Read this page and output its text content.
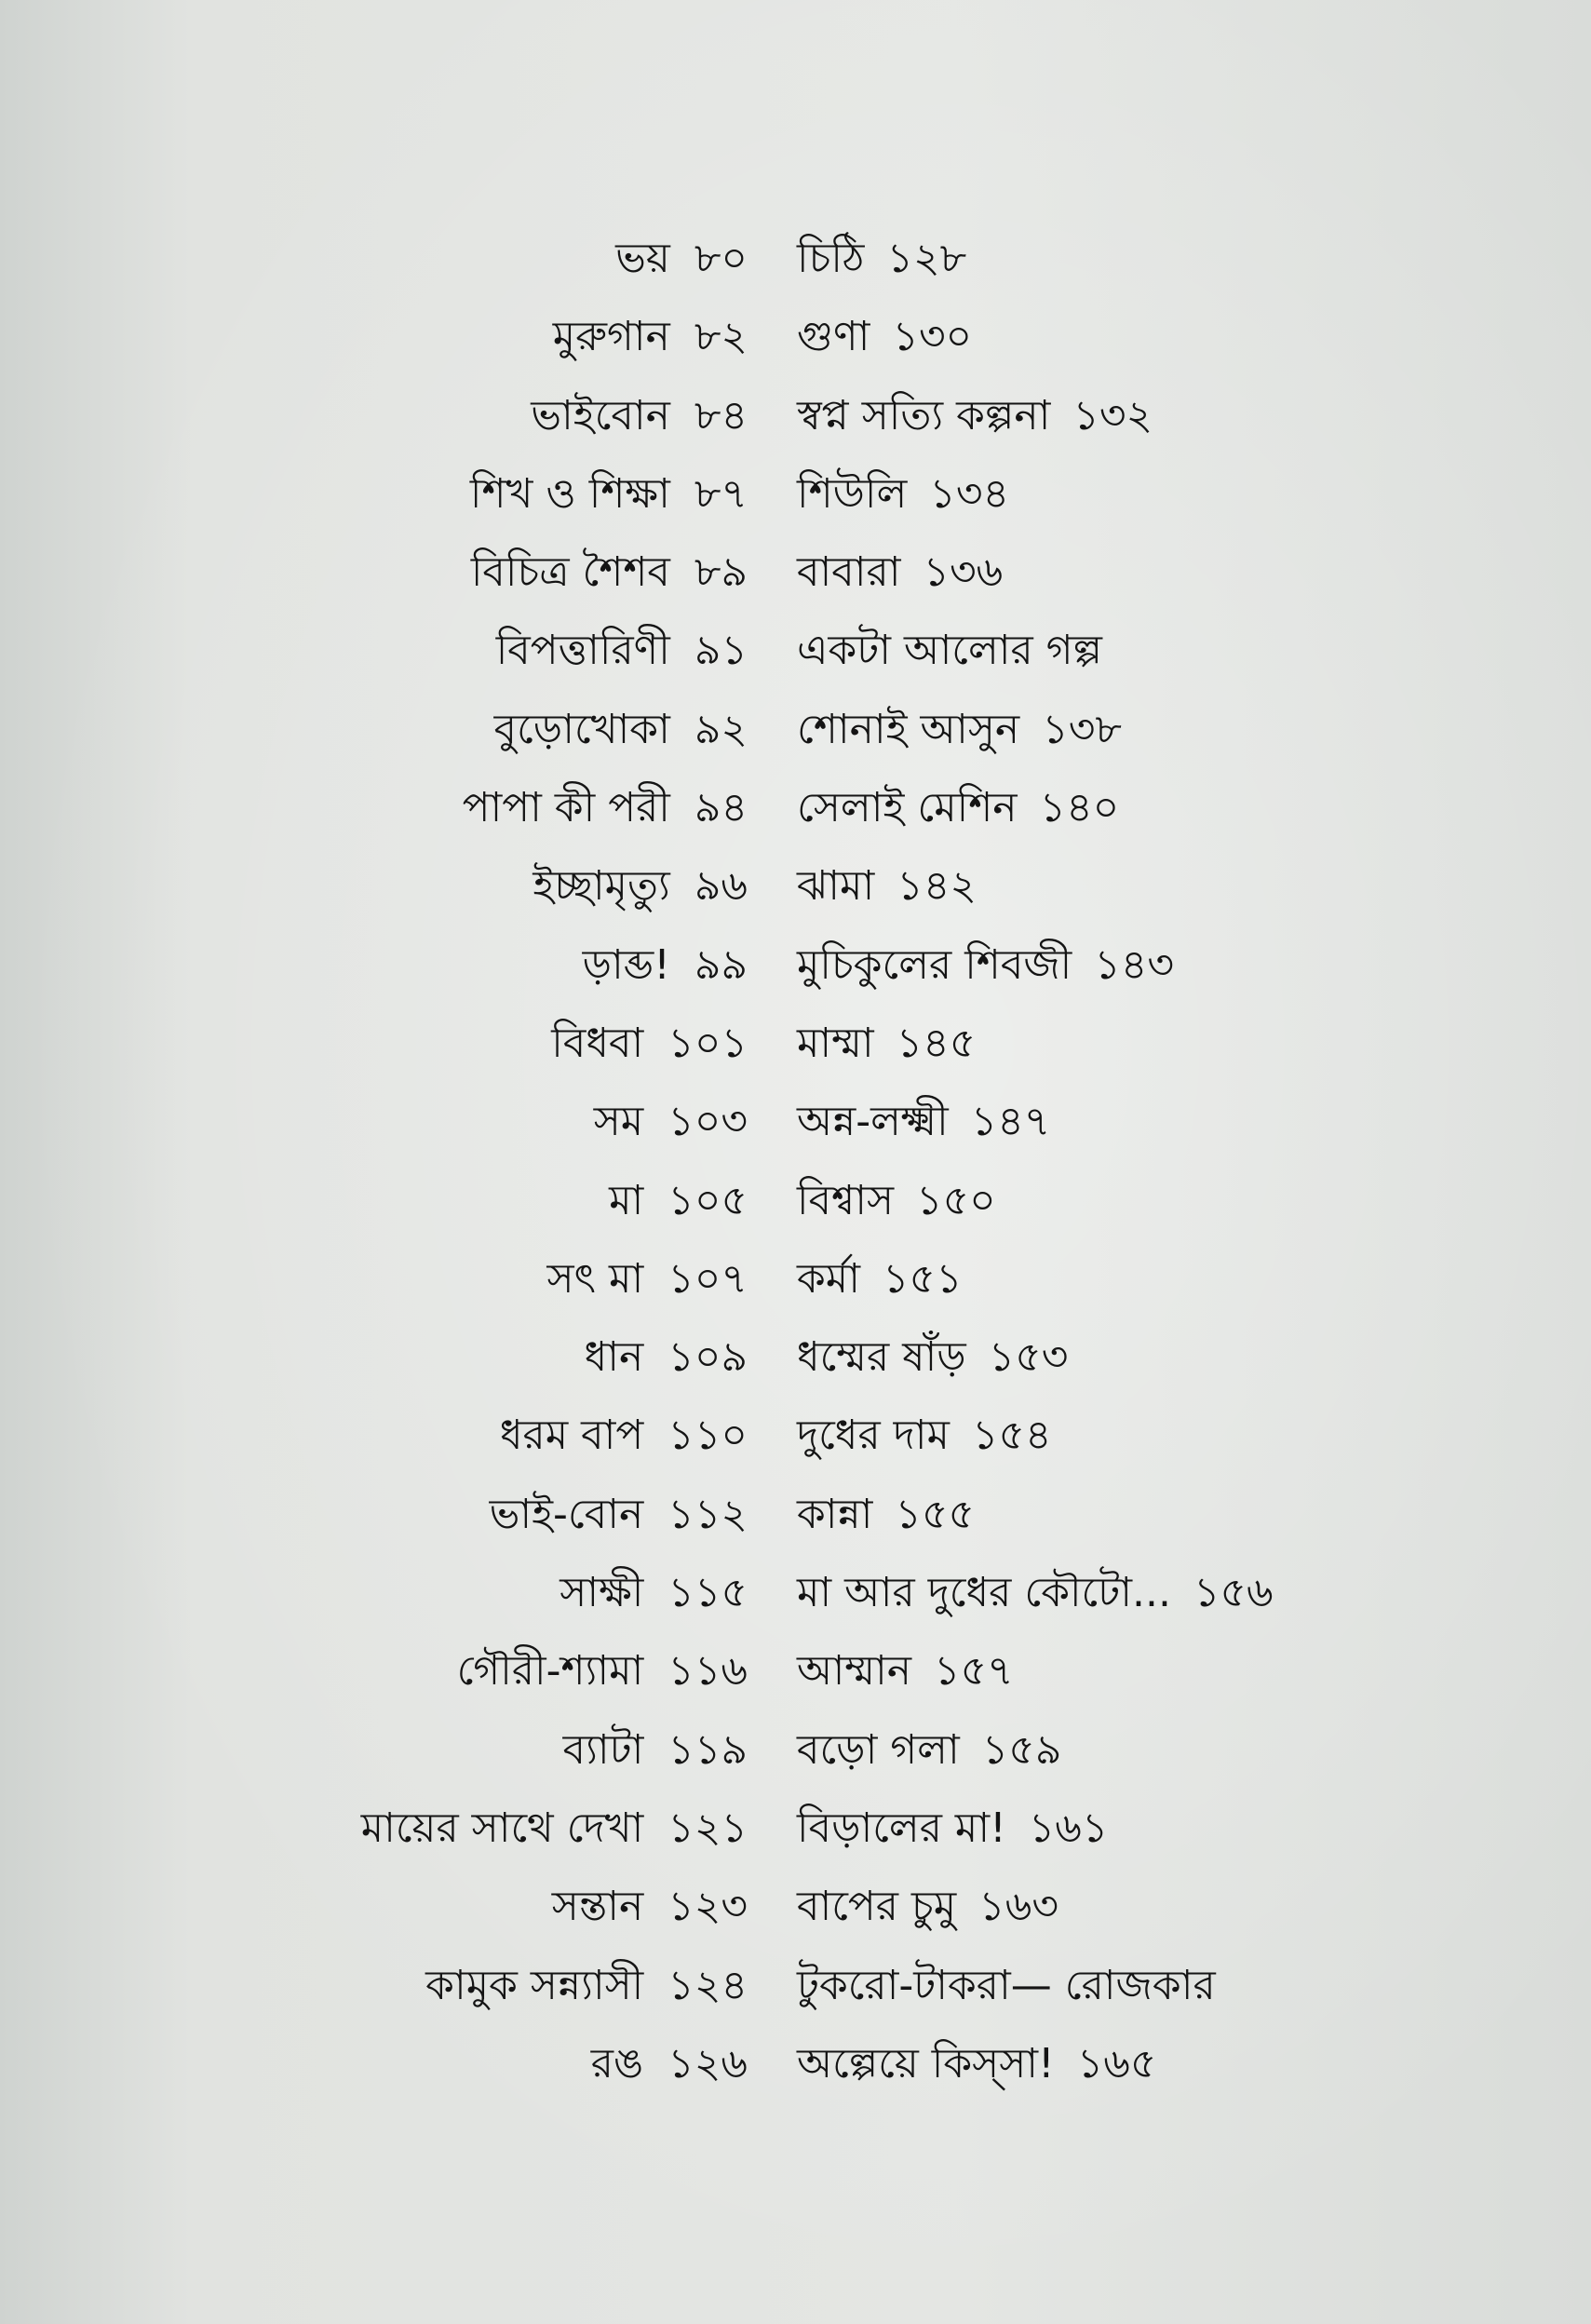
ভয় ৮০ চিঠি ১২৮
মুরুগান ৮২ গুণা ১৩০
ভাইবোন ৮৪ স্বপ্ন সত্যি কল্পনা ১৩২
শিখ ও শিক্ষা ৮৭ শিউলি ১৩৪
বিচিত্র শৈশব ৮৯ বাবারা ১৩৬
বিপত্তারিণী ৯১ একটা আলোর গল্প
বুড়োখোকা ৯২ শোনাই আসুন ১৩৮
পাপা কী পরী ৯৪ সেলাই মেশিন ১৪০
ইচ্ছামৃত্যু ৯৬ ঝামা ১৪২
ড়াব্ড! ৯৯ মুচিকুলের শিবজী ১৪৩
বিধবা ১০১ মাম্মা ১৪৫
সম ১০৩ অন্ন-লক্ষ্মী ১৪৭
মা ১০৫ বিশ্বাস ১৫০
সৎ মা ১০৭ কর্মা ১৫১
ধান ১০৯ ধম্মের ষাঁড় ১৫৩
ধরম বাপ ১১০ দুধের দাম ১৫৪
ভাই-বোন ১১২ কান্না ১৫৫
সাক্ষী ১১৫ মা আর দুধের কৌটো... ১৫৬
গৌরী-শ্যামা ১১৬ আম্মান ১৫৭
ব্যাটা ১১৯ বড়ো গলা ১৫৯
মায়ের সাথে দেখা ১২১ বিড়ালের মা! ১৬১
সন্তান ১২৩ বাপের চুমু ১৬৩
কামুক সন্ন্যাসী ১২৪ টুকরো-টাকরা— রোজকার
রঙ ১২৬ অল্পেয়ে কিস্‌সা! ১৬৫
